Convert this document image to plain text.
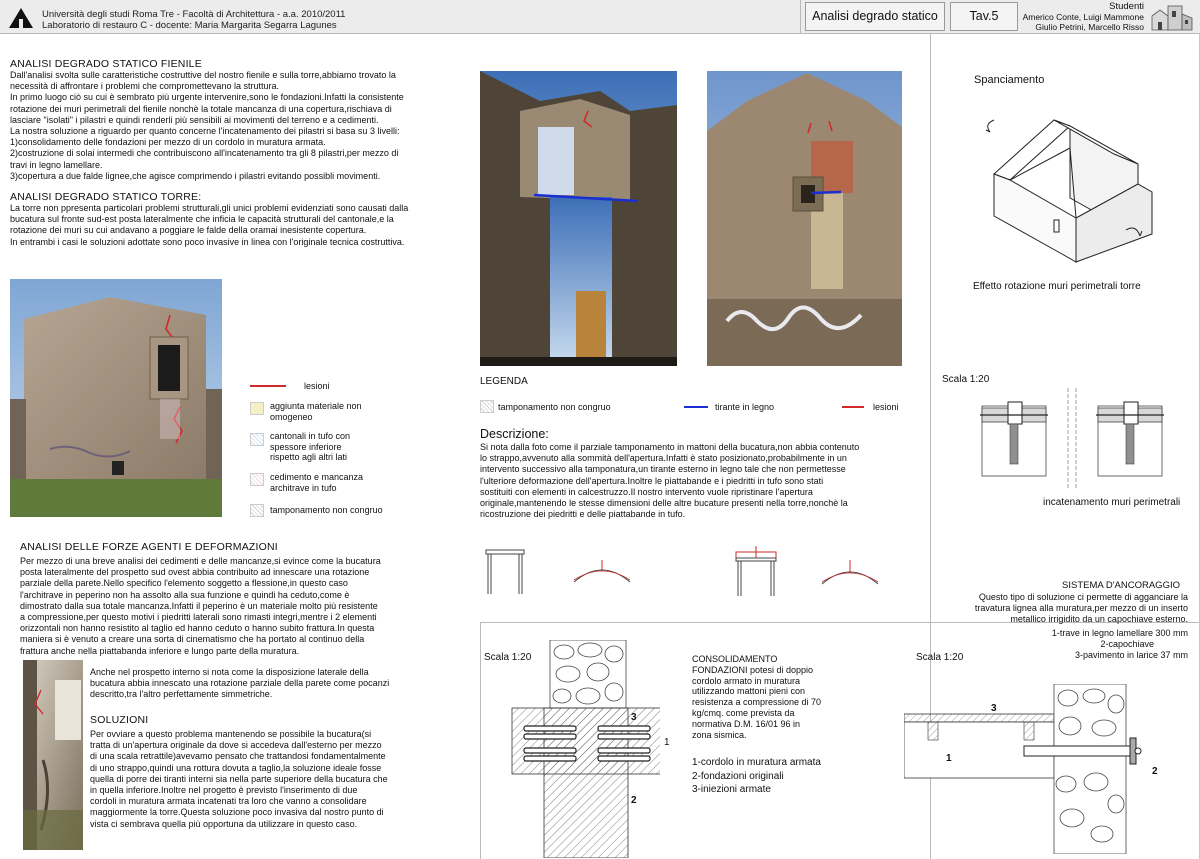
Università degli studi Roma Tre - Facoltà di Architettura - a.a. 2010/2011
Laboratorio di restauro C - docente: Maria Margarita Segarra Lagunes
Analisi degrado statico	Tav.5
Studenti
Americo Conte, Luigi Mammone
Giulio Petrini, Marcello Risso
ANALISI DEGRADO STATICO FIENILE

Dall'analisi svolta sulle caratteristiche costruttive del nostro fienile e sulla torre,abbiamo trovato la

necessità di affrontare i problemi che compromettevano la struttura.

In primo luogo ciò su cui è sembrato più urgente intervenire,sono le fondazioni.Infatti la consistente

rotazione dei muri perimetrali del fienile nonchè la totale mancanza di una copertura,rischiava di

lasciare "isolati" i pilastri e quindi renderli più sensibili ai movimenti del terreno e a cedimenti.

La nostra soluzione a riguardo per quanto concerne l'incatenamento dei pilastri si basa su 3 livelli:

1)consolidamento delle fondazioni per mezzo di un cordolo in muratura armata.

2)costruzione di solai intermedi che contribuiscono all'incatenamento tra gli 8 pilastri,per mezzo di

travi in legno lamellare.

3)copertura a due falde lignee,che agisce comprimendo i pilastri evitando possibli movimenti.

ANALISI DEGRADO STATICO TORRE:

La torre non ppresenta particolari problemi strutturali,gli unici problemi evidenziati sono causati dalla

bucatura sul fronte sud-est posta lateralmente che inficia le capacità strutturali del cantonale,e la

rotazione dei muri su cui andavano a poggiare le falde della oramai inesistente copertura.

In entrambi i casi le soluzioni adottate sono poco invasive in linea con l'originale tecnica costruttiva.

lesioni
aggiunta materiale non
omogeneo
cantonali in tufo con
spessore inferiore
rispetto agli altri lati
cedimento e mancanza
architrave in tufo
tamponamento non congruo
LEGENDA
tamponamento non congruo	tirante in legno	lesioni
Descrizione:

Si nota dalla foto come il parziale tamponamento in mattoni della bucatura,non abbia contenuto

lo strappo,avvenuto alla sommità dell'apertura.Infatti è stato posizionato,probabilmente in un

intervento successivo alla tamponatura,un tirante esterno in legno tale che non permettesse

l'ulteriore deformazione dell'apertura.Inoltre le piattabande e i piedritti in tufo sono stati

sostituiti con elementi in calcestruzzo.Il nostro intervento vuole ripristinare l'apertura

originale,mantenendo le stesse dimensioni delle altre bucature presenti nella torre,nonchè la

ricostruzione dei piedritti e delle piattabande in tufo.

Spanciamento
Effetto rotazione muri perimetrali torre
Scala 1:20
incatenamento muri perimetrali
ANALISI DELLE FORZE AGENTI E DEFORMAZIONI

Per mezzo di una breve analisi dei cedimenti e delle mancanze,si evince come la bucatura

posta lateralmente del prospetto sud ovest abbia contribuito ad innescare una rotazione

parziale della parete.Nello specifico l'elemento soggetto a flessione,in questo caso

l'architrave in peperino non ha assolto alla sua funzione e quindi ha ceduto,come è

dimostrato dalla sua totale mancanza.Infatti il peperino è un materiale molto più resistente

a compressione,per questo motivi i piedritti laterali sono rimasti integri,mentre i 2 elementi

orizzontali non hanno resistito al taglio ed hanno ceduto o hanno subito frattura.In questa

maniera si è venuto a creare una sorta di cinematismo che ha portato al continuo della

frattura anche nella piattabanda inferiore e lungo parte della muratura.

Anche nel prospetto interno si nota come la disposizione laterale della

bucatura abbia innescato una rotazione parziale della parete come pocanzi

descritto,tra l'altro perfettamente simmetriche.

SOLUZIONI

Per ovviare a questo problema mantenendo se possibile la bucatura(si

tratta di un'apertura originale da dove si accedeva dall'esterno per mezzo

di una scala retrattile)avevamo pensato che trattandosi fondamentalmente

di uno strappo,quindi una rottura dovuta a taglio,la soluzione ideale fosse

quella di porre dei tiranti interni sia nella parte superiore della bucatura che

in quella inferiore.Inoltre nel progetto è previsto l'inserimento di due

cordoli in muratura armata incatenati tra loro che vanno a consolidare

maggiormente la torre.Questa soluzione poco invasiva dal nostro punto di

vista ci sembrava quella più opportuna da utilizzare in questo caso.

Scala 1:20
3
1
2

CONSOLIDAMENTO

FONDAZIONI potesi di doppio

cordolo armato in muratura

utilizzando mattoni pieni con

resistenza a compressione di 70

kg/cmq. come prevista da

normativa D.M. 16/01 96 in

zona sismica.

1-cordolo in muratura armata
2-fondazioni originali
3-iniezioni armate
SISTEMA D'ANCORAGGIO

Questo tipo di soluzione ci permette di agganciare la

travatura lignea alla muratura,per mezzo di un inserto

metallico irrigidito da un capochiave esterno.

1-trave in legno lamellare 300 mm

2-capochiave

3-pavimento in larice 37 mm

Scala 1:20
3
1
2
